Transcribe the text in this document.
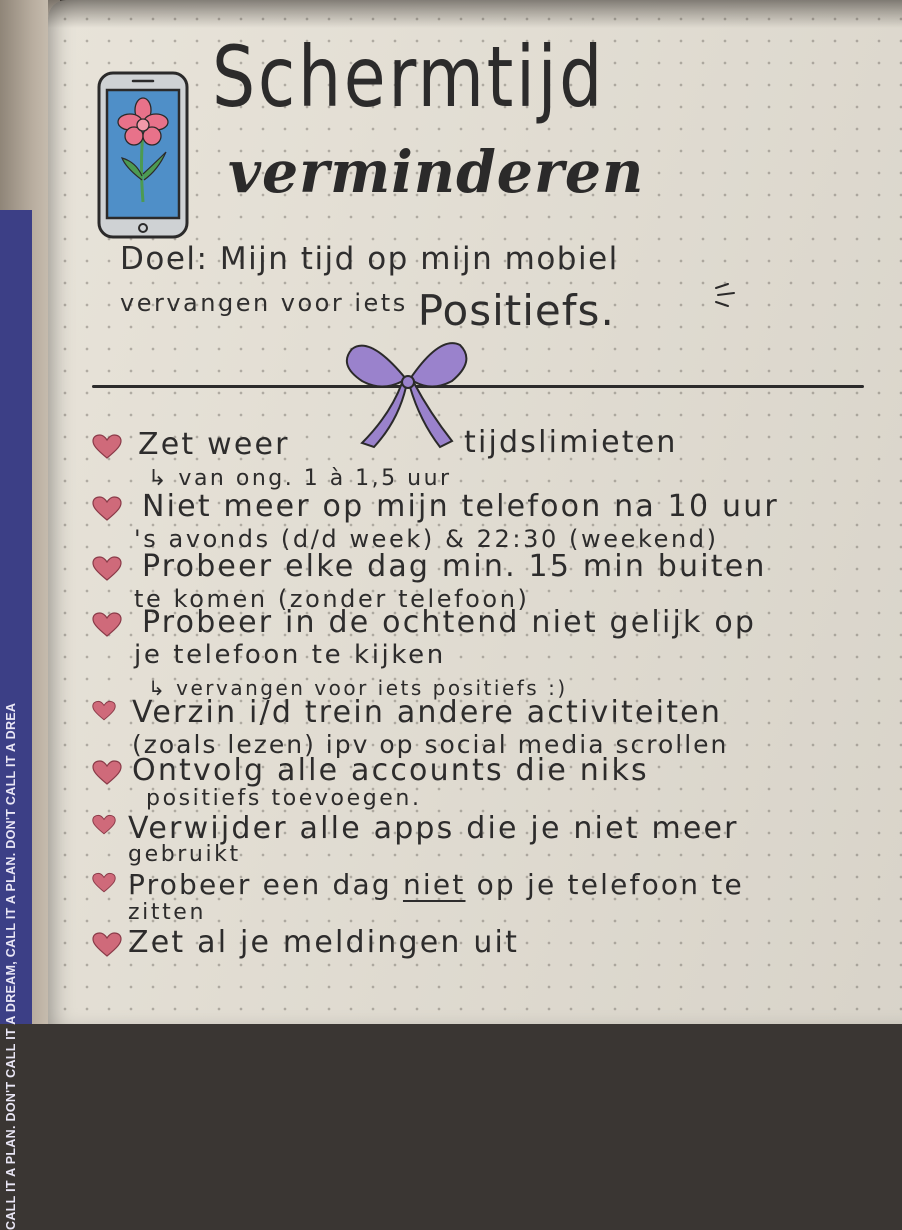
CALL IT A PLAN. DON'T CALL IT A DREAM, CALL IT A PLAN. DON'T CALL IT A DREA
Schermtijd
verminderen
Doel: Mijn tijd op mijn mobiel
vervangen voor iets Positiefs.
Zet weer	tijdslimieten
↳ van ong. 1 à 1,5 uur
Niet meer op mijn telefoon na 10 uur
's avonds (d/d week) & 22:30 (weekend)
Probeer elke dag min. 15 min buiten
te komen (zonder telefoon)
Probeer in de ochtend niet gelijk op
je telefoon te kijken
↳ vervangen voor iets positiefs :)
Verzin i/d trein andere activiteiten
(zoals lezen) ipv op social media scrollen
Ontvolg alle accounts die niks
positiefs toevoegen.
Verwijder alle apps die je niet meer
gebruikt
Probeer een dag niet op je telefoon te
zitten
Zet al je meldingen uit
